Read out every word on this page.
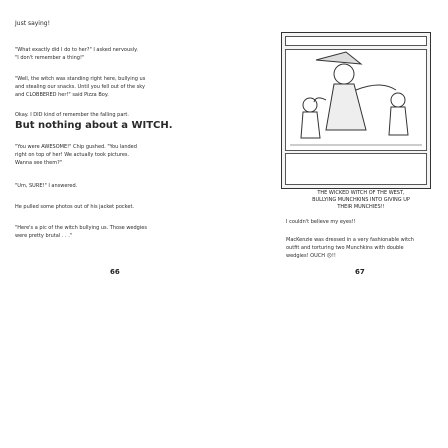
Just saying!
"What exactly did I do to her?" I asked nervously.
"I don't remember a thing!"
"Well, the witch was standing right here, bullying us
and stealing our snacks. Until you fell out of the sky
and CLOBBERED her!" said Pizza Boy.
Okay. I DID kind of remember the falling part.
But nothing about a WITCH.
"You were AWESOME!" Chip gushed. "You landed
right on top of her! We actually took pictures.
Wanna see them?"
"Um, SURE!" I answered.
He pulled some photos out of his jacket pocket.
"Here's a pic of the witch bullying us. Those wedgies
were pretty brutal . . ."
66
THE WICKED WITCH OF THE WEST,
BULLYING MUNCHKINS INTO GIVING UP
THEIR MUNCHIES!!
I couldn't believe my eyes!!
MacKenzie was dressed in a very fashionable witch
outfit and torturing two Munchkins with double
wedgies! OUCH ☹!!
67
